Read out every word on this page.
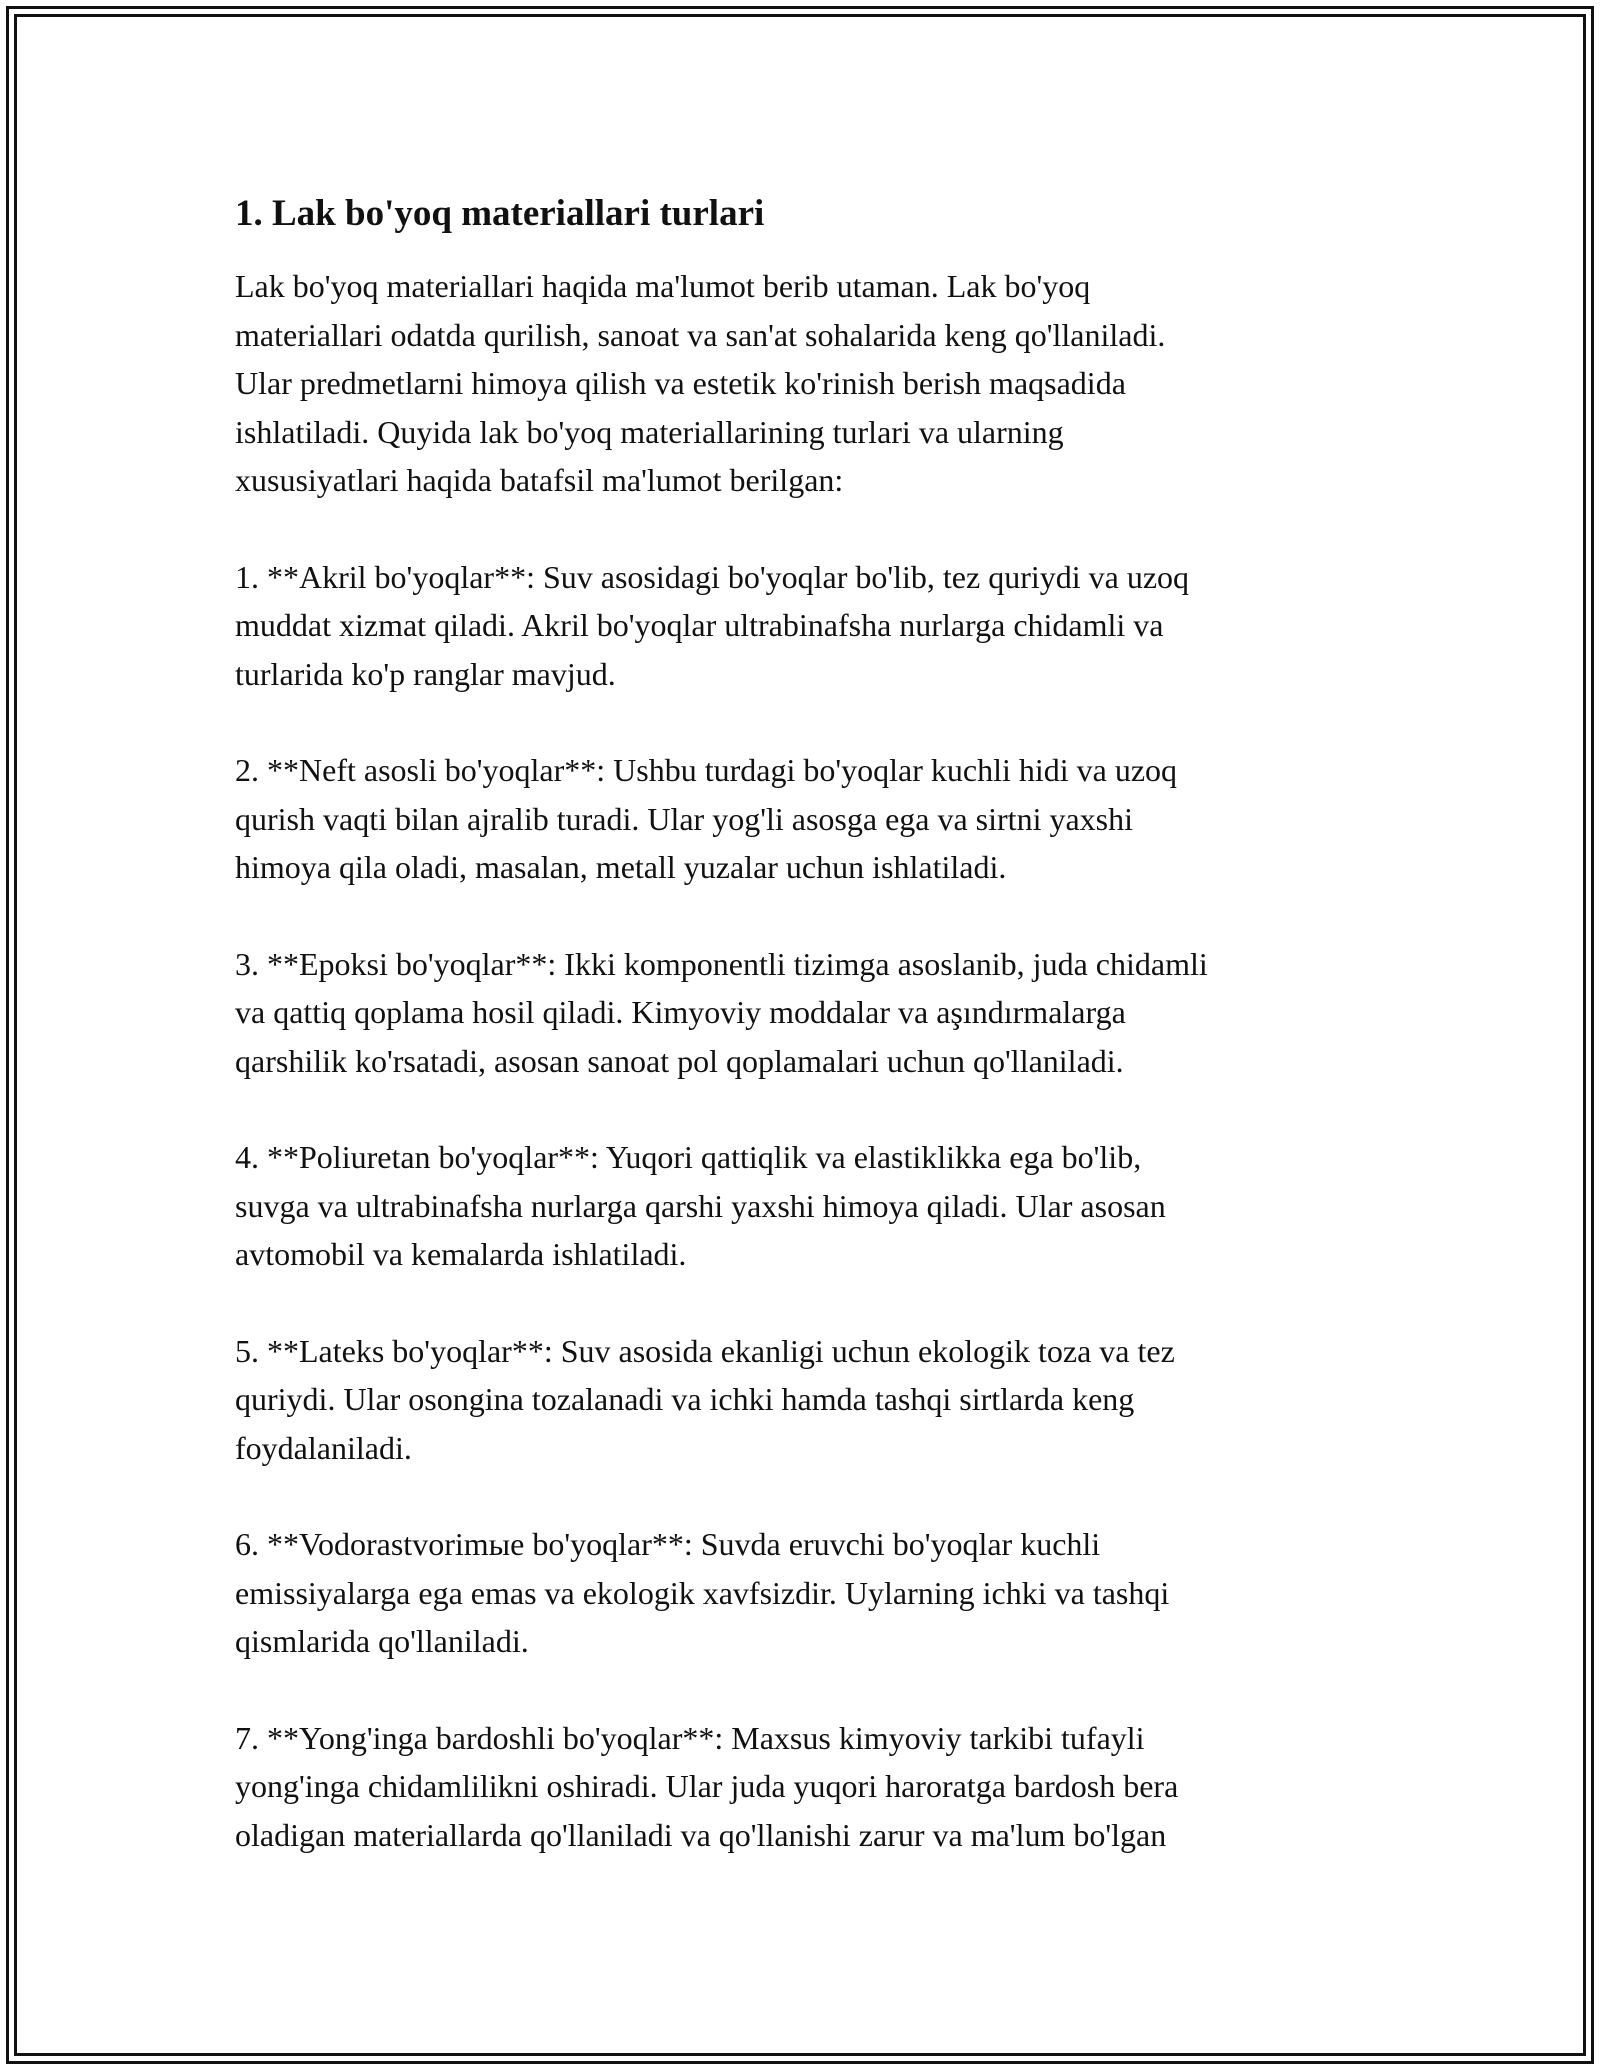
1. Lak bo'yoq materiallari turlari
Lak bo'yoq materiallari haqida ma'lumot berib utaman. Lak bo'yoq
materiallari odatda qurilish, sanoat va san'at sohalarida keng qo'llaniladi.
Ular predmetlarni himoya qilish va estetik ko'rinish berish maqsadida
ishlatiladi. Quyida lak bo'yoq materiallarining turlari va ularning
xususiyatlari haqida batafsil ma'lumot berilgan:
1. **Akril bo'yoqlar**: Suv asosidagi bo'yoqlar bo'lib, tez quriydi va uzoq
muddat xizmat qiladi. Akril bo'yoqlar ultrabinafsha nurlarga chidamli va
turlarida ko'p ranglar mavjud.
2. **Neft asosli bo'yoqlar**: Ushbu turdagi bo'yoqlar kuchli hidi va uzoq
qurish vaqti bilan ajralib turadi. Ular yog'li asosga ega va sirtni yaxshi
himoya qila oladi, masalan, metall yuzalar uchun ishlatiladi.
3. **Epoksi bo'yoqlar**: Ikki komponentli tizimga asoslanib, juda chidamli
va qattiq qoplama hosil qiladi. Kimyoviy moddalar va aşındırmalarga
qarshilik ko'rsatadi, asosan sanoat pol qoplamalari uchun qo'llaniladi.
4. **Poliuretan bo'yoqlar**: Yuqori qattiqlik va elastiklikka ega bo'lib,
suvga va ultrabinafsha nurlarga qarshi yaxshi himoya qiladi. Ular asosan
avtomobil va kemalarda ishlatiladi.
5. **Lateks bo'yoqlar**: Suv asosida ekanligi uchun ekologik toza va tez
quriydi. Ular osongina tozalanadi va ichki hamda tashqi sirtlarda keng
foydalaniladi.
6. **Vodorastvorimые bo'yoqlar**: Suvda eruvchi bo'yoqlar kuchli
emissiyalarga ega emas va ekologik xavfsizdir. Uylarning ichki va tashqi
qismlarida qo'llaniladi.
7. **Yong'inga bardoshli bo'yoqlar**: Maxsus kimyoviy tarkibi tufayli
yong'inga chidamlilikni oshiradi. Ular juda yuqori haroratga bardosh bera
oladigan materiallarda qo'llaniladi va qo'llanishi zarur va ma'lum bo'lgan
